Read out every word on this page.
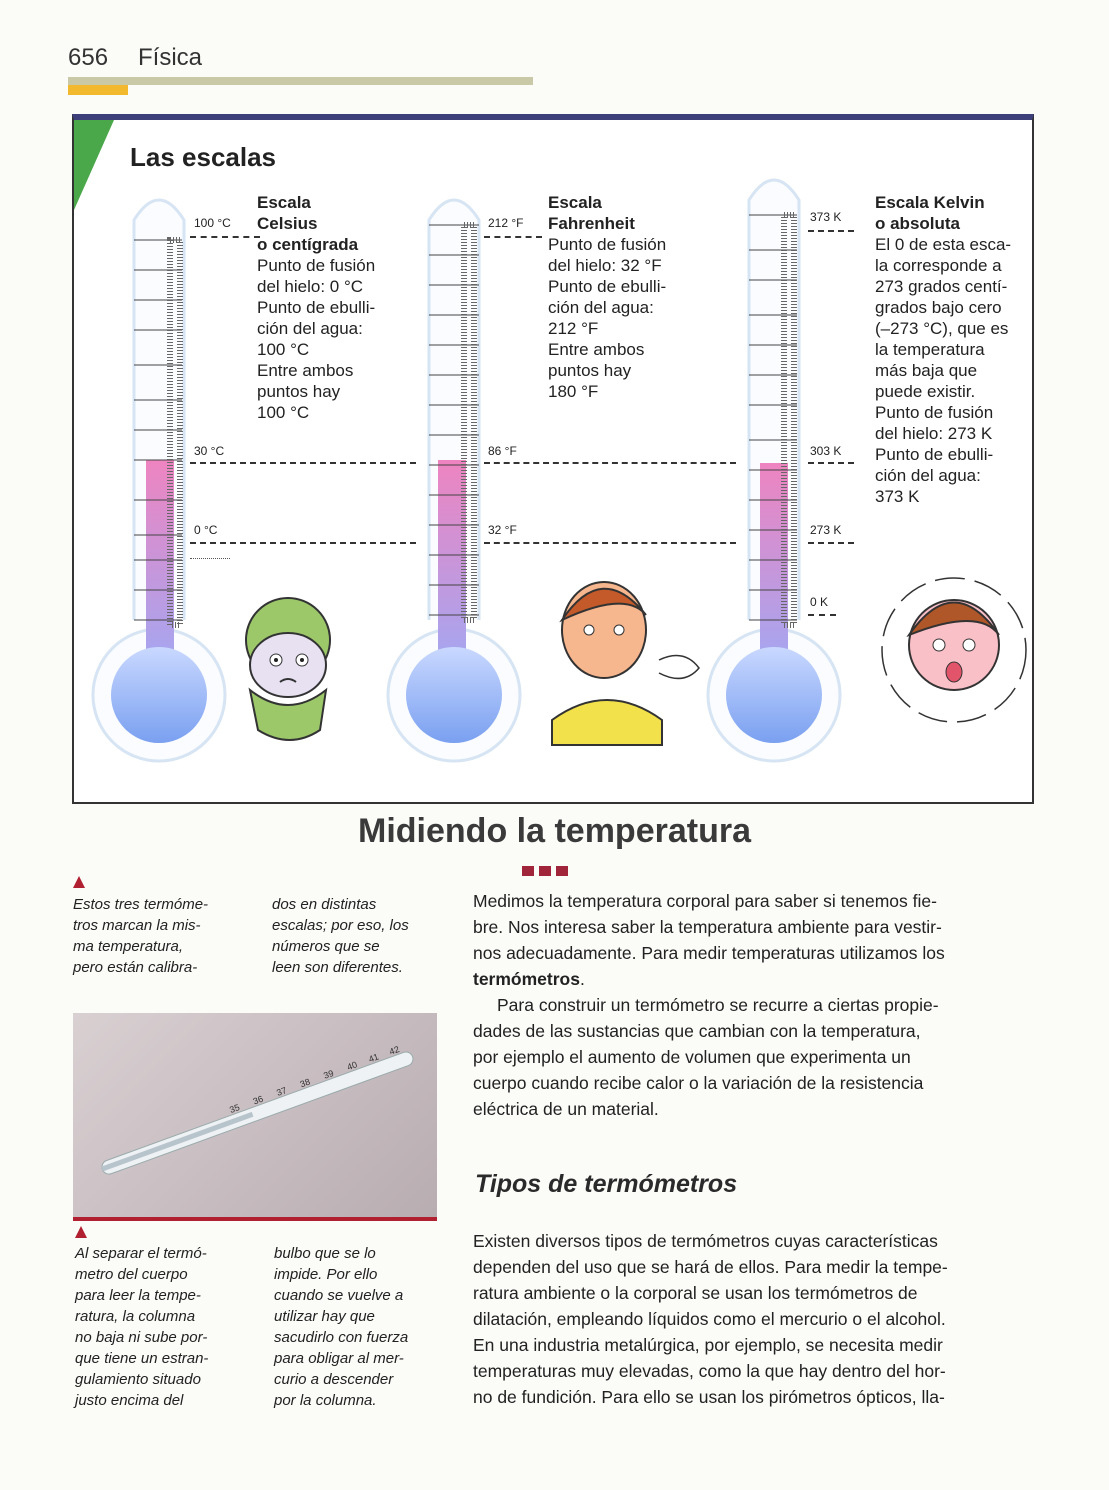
656 Física
Las escalas
100 °C
30 °C
0 °C
Escala
Celsius
o centígrada
Punto de fusión
del hielo: 0 °C
Punto de ebulli-
ción del agua:
100 °C
Entre ambos
puntos hay
100 °C
212 °F
86 °F
32 °F
Escala
Fahrenheit
Punto de fusión
del hielo: 32 °F
Punto de ebulli-
ción del agua:
212 °F
Entre ambos
puntos hay
180 °F
373 K
303 K
273 K
0 K
Escala Kelvin
o absoluta
El 0 de esta esca-
la corresponde a
273 grados centí-
grados bajo cero
(–273 °C), que es
la temperatura
más baja que
puede existir.
Punto de fusión
del hielo: 273 K
Punto de ebulli-
ción del agua:
373 K
Midiendo la temperatura
Estos tres termóme-
tros marcan la mis-
ma temperatura,
pero están calibra-
dos en distintas
escalas; por eso, los
números que se
leen son diferentes.
35
36
37
38
39
40
41
42
Al separar el termó-
metro del cuerpo
para leer la tempe-
ratura, la columna
no baja ni sube por-
que tiene un estran-
gulamiento situado
justo encima del
bulbo que se lo
impide. Por ello
cuando se vuelve a
utilizar hay que
sacudirlo con fuerza
para obligar al mer-
curio a descender
por la columna.
Medimos la temperatura corporal para saber si tenemos fie-
bre. Nos interesa saber la temperatura ambiente para vestir-
nos adecuadamente. Para medir temperaturas utilizamos los
termómetros.
Para construir un termómetro se recurre a ciertas propie-
dades de las sustancias que cambian con la temperatura,
por ejemplo el aumento de volumen que experimenta un
cuerpo cuando recibe calor o la variación de la resistencia
eléctrica de un material.
Tipos de termómetros
Existen diversos tipos de termómetros cuyas características
dependen del uso que se hará de ellos. Para medir la tempe-
ratura ambiente o la corporal se usan los termómetros de
dilatación, empleando líquidos como el mercurio o el alcohol.
En una industria metalúrgica, por ejemplo, se necesita medir
temperaturas muy elevadas, como la que hay dentro del hor-
no de fundición. Para ello se usan los pirómetros ópticos, lla-
